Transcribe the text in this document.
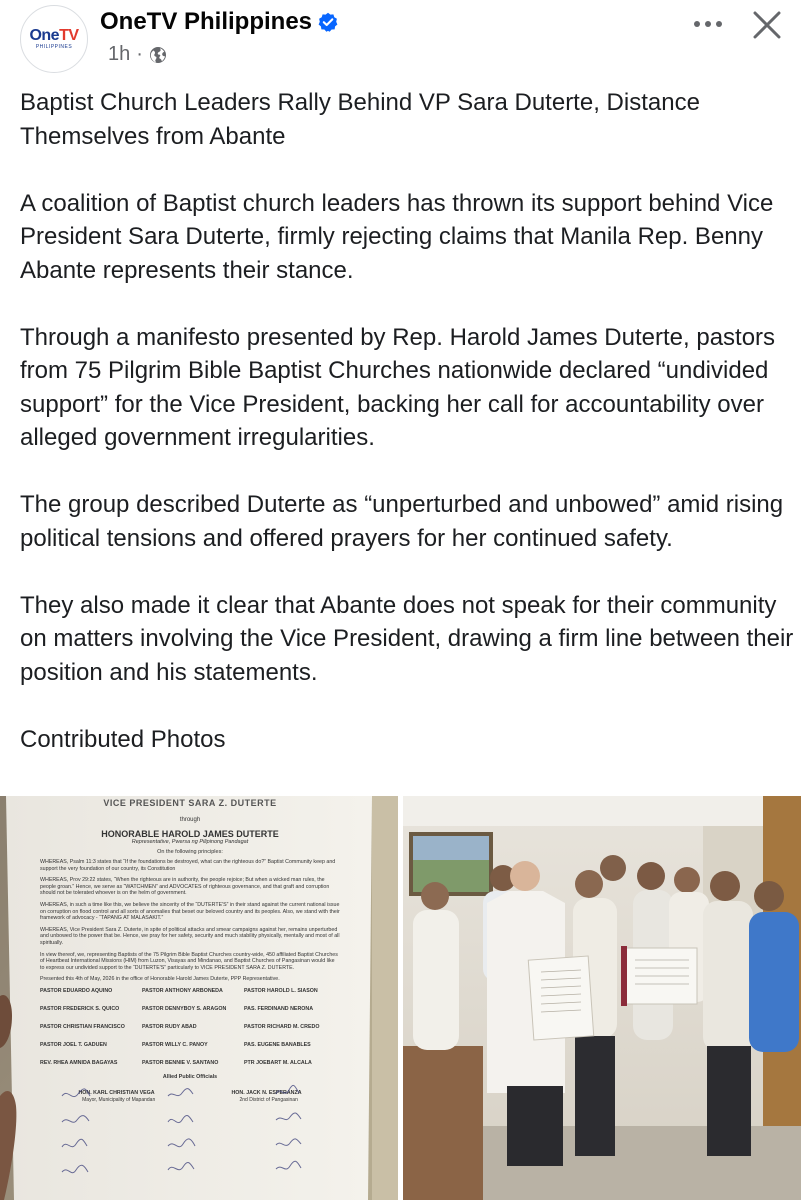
OneTV
PHILIPPINES
OneTV Philippines
1h ·

Baptist Church Leaders Rally Behind VP Sara Duterte, Distance Themselves from Abante

A coalition of Baptist church leaders has thrown its support behind Vice President Sara Duterte, firmly rejecting claims that Manila Rep. Benny Abante represents their stance.

Through a manifesto presented by Rep. Harold James Duterte, pastors from 75 Pilgrim Bible Baptist Churches nationwide declared “undivided support” for the Vice President, backing her call for accountability over alleged government irregularities.

The group described Duterte as “unperturbed and unbowed” amid rising political tensions and offered prayers for her continued safety.

They also made it clear that Abante does not speak for their community on matters involving the Vice President, drawing a firm line between their position and his statements.

Contributed Photos

VICE PRESIDENT SARA Z. DUTERTE
through
HONORABLE HAROLD JAMES DUTERTE
Representative, Pwersa ng Pilipinong Pandagat
On the following principles:
WHEREAS, Psalm 11:3 states that “If the foundations be destroyed, what can the righteous do?” Baptist Community keep and support the very foundation of our country, its Constitution
WHEREAS, Prov 29:22 states, “When the righteous are in authority, the people rejoice; But when a wicked man rules, the people groan.” Hence, we serve as “WATCHMEN” and ADVOCATES of righteous governance, and that graft and corruption should not be tolerated whoever is on the helm of government.
WHEREAS, in such a time like this, we believe the sincerity of the “DUTERTE'S” in their stand against the current national issue on corruption on flood control and all sorts of anomalies that beset our beloved country and its peoples. Also, we stand with their framework of advocacy - “TAPANG AT MALASAKIT.”
WHEREAS, Vice President Sara Z. Duterte, in spite of political attacks and smear campaigns against her, remains unperturbed and unbowed to the power that be. Hence, we pray for her safety, security and much stability physically, mentally and most of all spiritually.
In view thereof, we, representing Baptists of the 75 Pilgrim Bible Baptist Churches country-wide, 450 affiliated Baptist Churches of Heartbeat International Missions (HIM) from Luzon, Visayas and Mindanao, and Baptist Churches of Pangasinan would like to express our undivided support to the “DUTERTE'S” particularly to VICE PRESIDENT SARA Z. DUTERTE.
Presented this 4th of May, 2026 in the office of Honorable Harold James Duterte, PPP Representative.
PASTOR EDUARDO AQUINO	PASTOR ANTHONY ARBONEDA	PASTOR HAROLD L. SIASON
PASTOR FREDERICK S. QUICO	PASTOR DENNYBOY S. ARAGON	PAS. FERDINAND NERONA
PASTOR CHRISTIAN FRANCISCO	PASTOR RUDY ABAD	PASTOR RICHARD M. CREDO
PASTOR JOEL T. GADUEN	PASTOR WILLY C. PANOY	PAS. EUGENE BANABLES
REV. RHEA AMNIDA BAGAYAS	PASTOR BENNIE V. SANTANO	PTR JOEBART M. ALCALA
Allied Public Officials
HON. KARL CHRISTIAN VEGA	HON. JACK N. ESPERANZA
Mayor, Municipality of Mapandan	2nd District of Pangasinan
